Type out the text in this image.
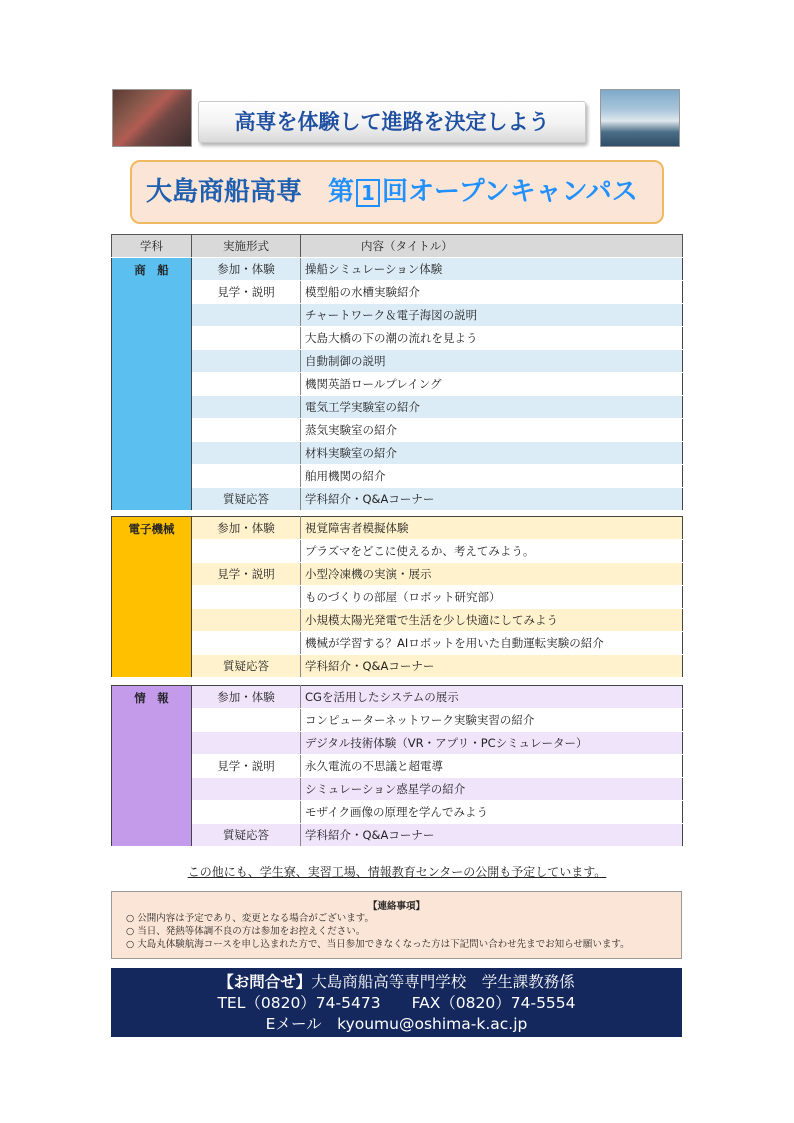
高専を体験して進路を決定しよう
大島商船高専 第 1 回オープンキャンパス
学科	実施形式	内容（タイトル）
商　船	参加・体験	操船シミュレーション体験
	見学・説明	模型船の水槽実験紹介
		チャートワーク＆電子海図の説明
		大島大橋の下の潮の流れを見よう
		自動制御の説明
		機関英語ロールプレイング
		電気工学実験室の紹介
		蒸気実験室の紹介
		材料実験室の紹介
		舶用機関の紹介
	質疑応答	学科紹介・Q&Aコーナー
電子機械	参加・体験	視覚障害者模擬体験
		プラズマをどこに使えるか、考えてみよう。
	見学・説明	小型冷凍機の実演・展示
		ものづくりの部屋（ロボット研究部）
		小規模太陽光発電で生活を少し快適にしてみよう
		機械が学習する？AIロボットを用いた自動運転実験の紹介
	質疑応答	学科紹介・Q&Aコーナー
情　報	参加・体験	CGを活用したシステムの展示
		コンピューターネットワーク実験実習の紹介
		デジタル技術体験（VR・アプリ・PCシミュレーター）
	見学・説明	永久電流の不思議と超電導
		シミュレーション惑星学の紹介
		モザイク画像の原理を学んでみよう
	質疑応答	学科紹介・Q&Aコーナー
この他にも、学生寮、実習工場、情報教育センターの公開も予定しています。
【連絡事項】
○ 公開内容は予定であり、変更となる場合がございます。
○ 当日、発熱等体調不良の方は参加をお控えください。
○ 大島丸体験航海コースを申し込まれた方で、当日参加できなくなった方は下記問い合わせ先までお知らせ願います。
【お問合せ】大島商船高等専門学校　学生課教務係
TEL（0820）74-5473　　 FAX（0820）74-5554
Eメール　kyoumu@oshima-k.ac.jp
